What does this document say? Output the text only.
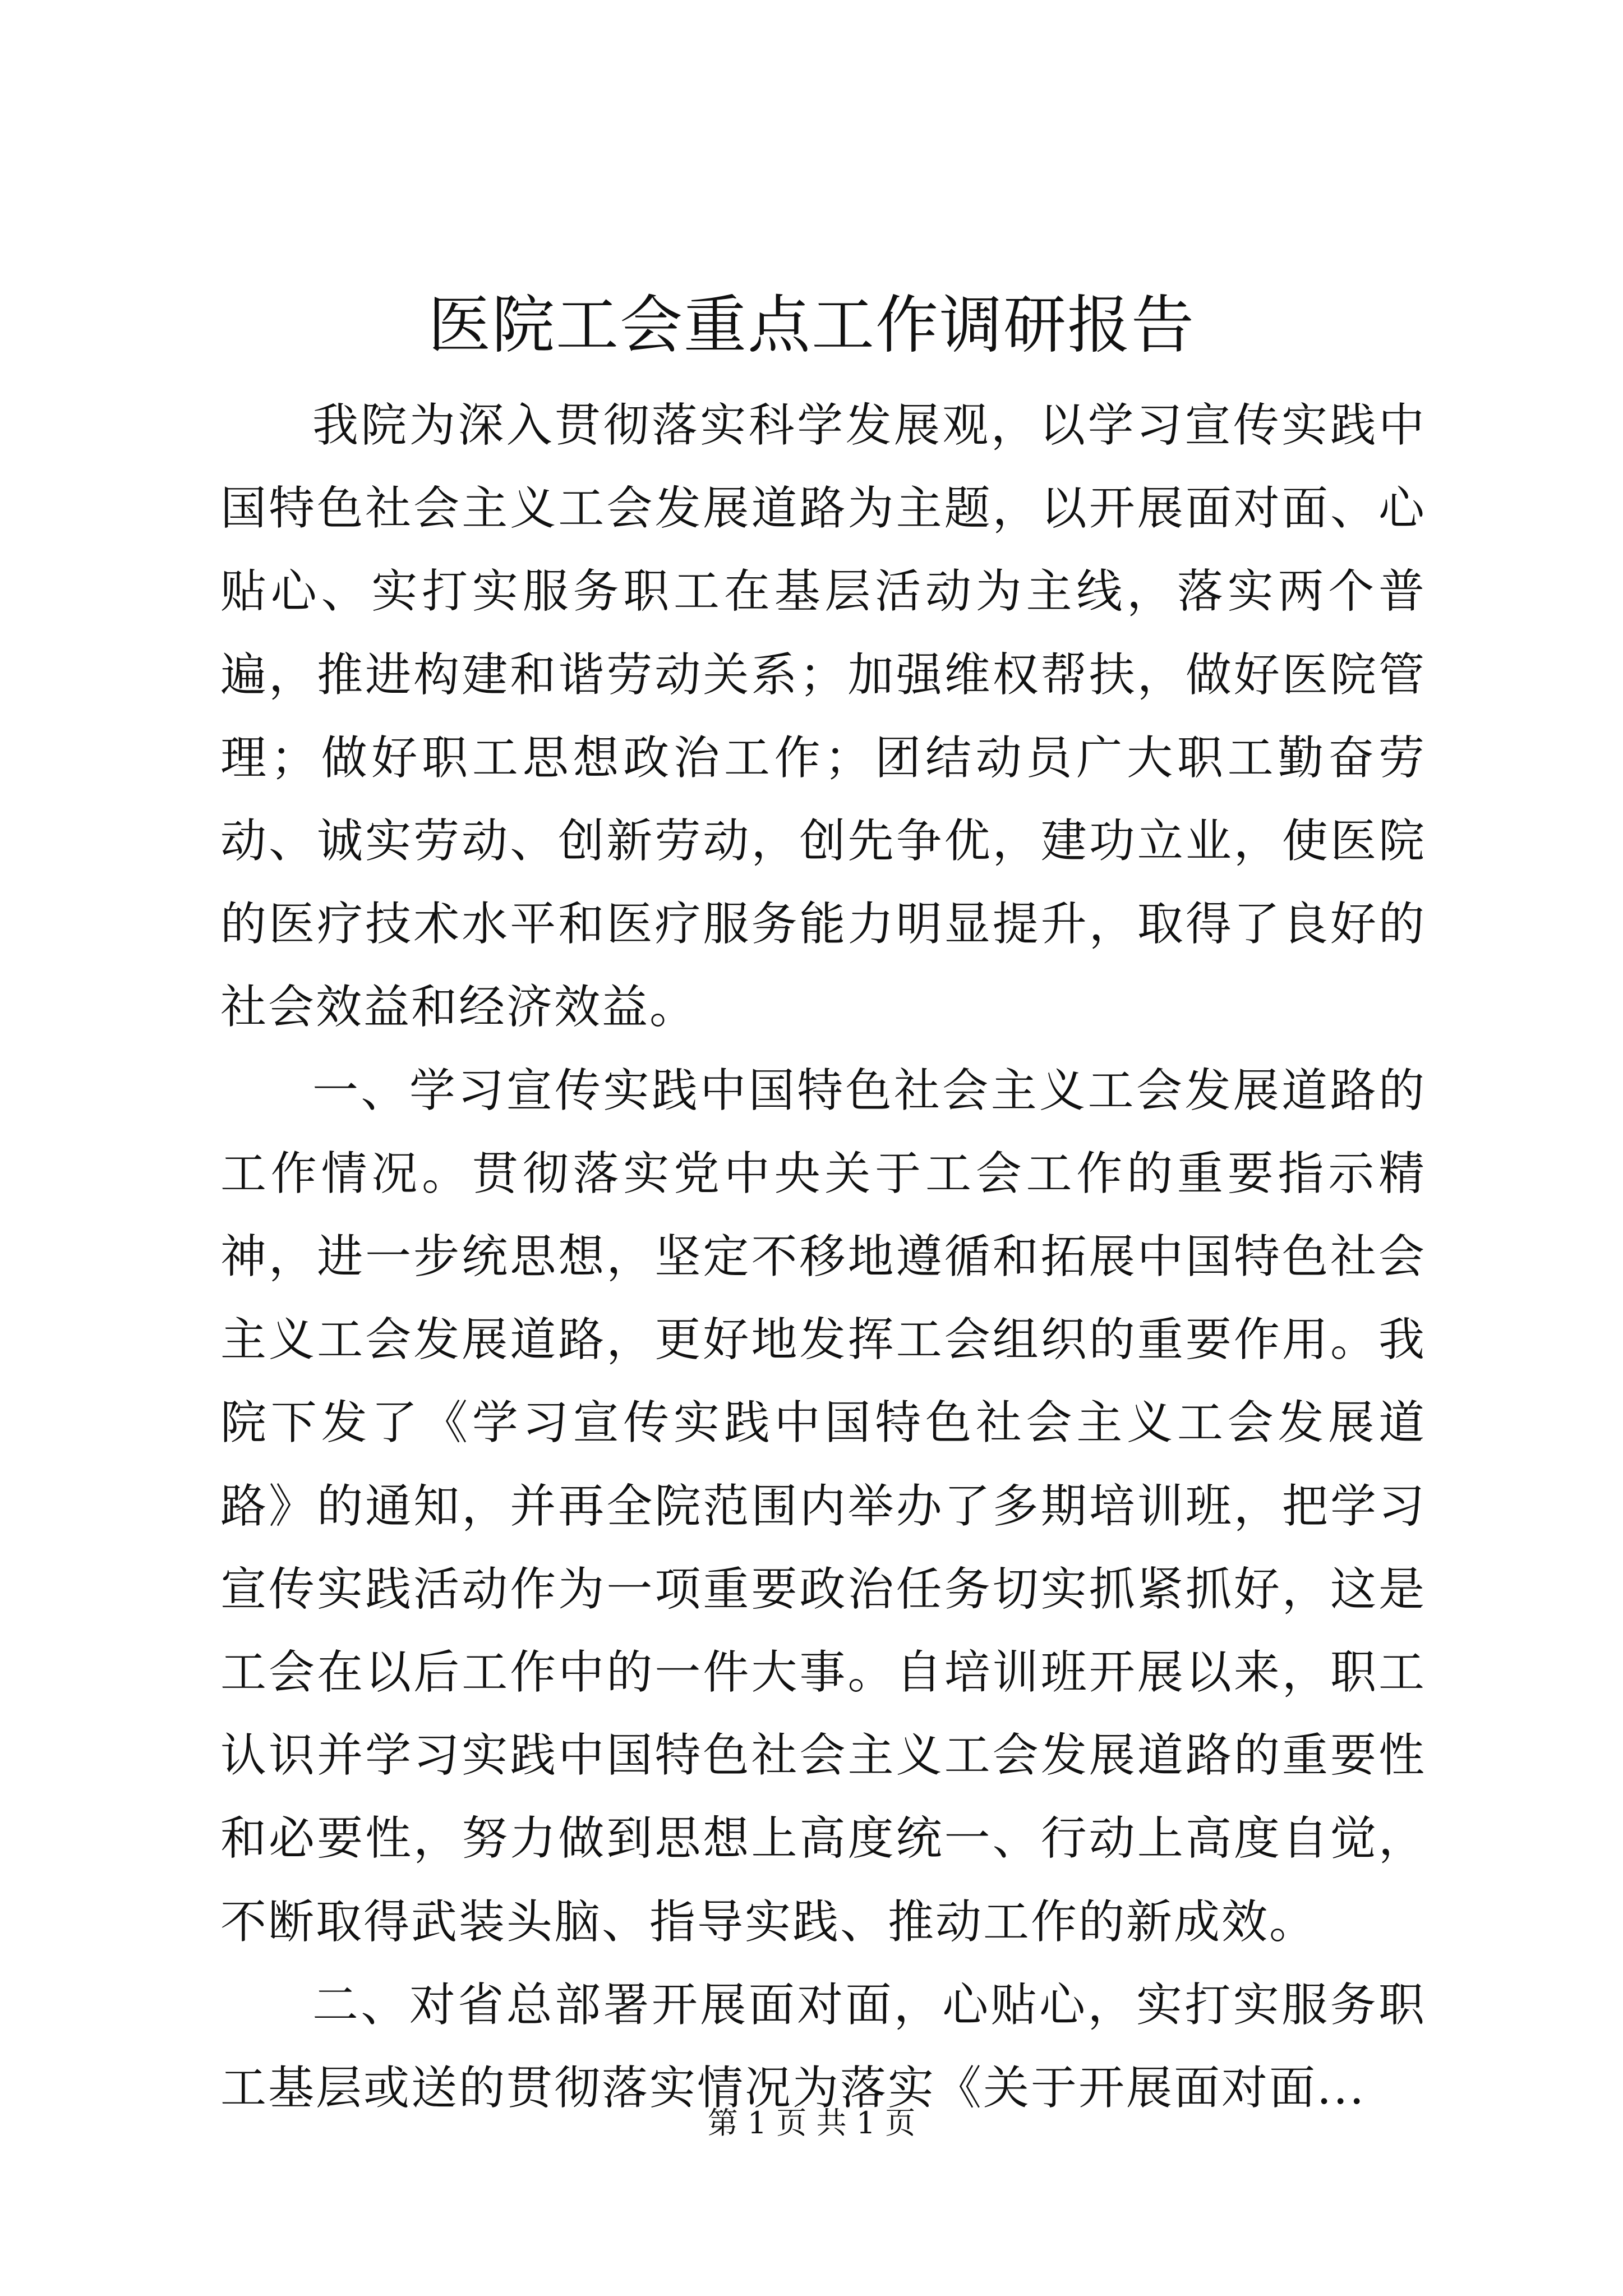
医院工会重点工作调研报告

我院为深入贯彻落实科学发展观，以学习宣传实践中国特色社会主义工会发展道路为主题，以开展面对面、心贴心、实打实服务职工在基层活动为主线，落实两个普遍，推进构建和谐劳动关系；加强维权帮扶，做好医院管理；做好职工思想政治工作；团结动员广大职工勤奋劳动、诚实劳动、创新劳动，创先争优，建功立业，使医院的医疗技术水平和医疗服务能力明显提升，取得了良好的社会效益和经济效益。

一、学习宣传实践中国特色社会主义工会发展道路的工作情况。贯彻落实党中央关于工会工作的重要指示精神，进一步统思想，坚定不移地遵循和拓展中国特色社会主义工会发展道路，更好地发挥工会组织的重要作用。我院下发了《学习宣传实践中国特色社会主义工会发展道路》的通知，并再全院范围内举办了多期培训班，把学习宣传实践活动作为一项重要政治任务切实抓紧抓好，这是工会在以后工作中的一件大事。自培训班开展以来，职工认识并学习实践中国特色社会主义工会发展道路的重要性和必要性，努力做到思想上高度统一、行动上高度自觉，不断取得武装头脑、指导实践、推动工作的新成效。

二、对省总部署开展面对面，心贴心，实打实服务职工基层或送的贯彻落实情况为落实《关于开展面对面...

第 1 页 共 1 页
